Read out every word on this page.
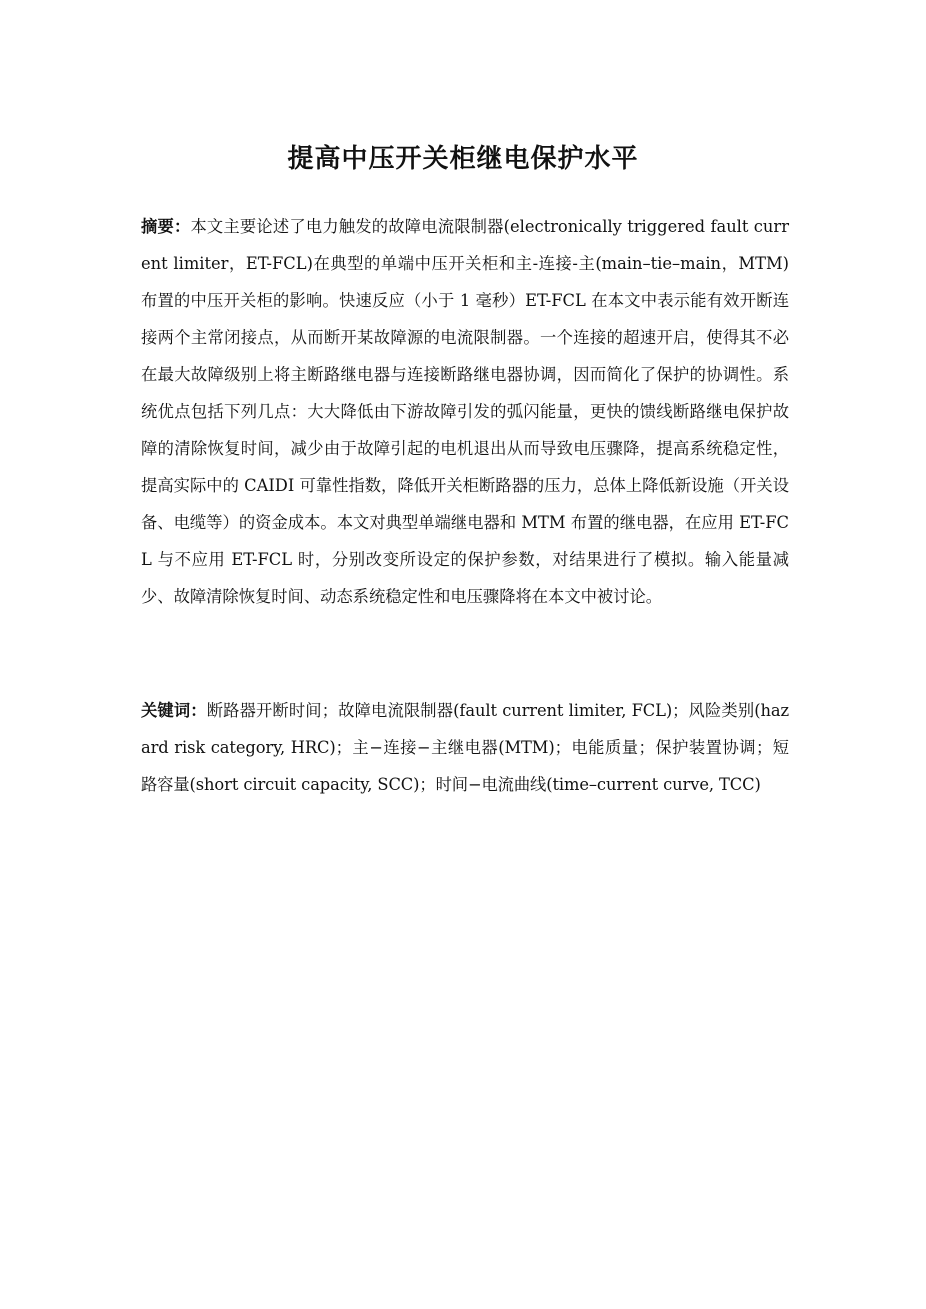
提高中压开关柜继电保护水平

摘要：本文主要论述了电力触发的故障电流限制器(electronically triggered fault current limiter，ET-FCL)在典型的单端中压开关柜和主-连接-主(main–tie–main，MTM)布置的中压开关柜的影响。快速反应（小于 1 毫秒）ET-FCL 在本文中表示能有效开断连接两个主常闭接点，从而断开某故障源的电流限制器。一个连接的超速开启，使得其不必在最大故障级别上将主断路继电器与连接断路继电器协调，因而简化了保护的协调性。系统优点包括下列几点：大大降低由下游故障引发的弧闪能量，更快的馈线断路继电保护故障的清除恢复时间，减少由于故障引起的电机退出从而导致电压骤降，提高系统稳定性，提高实际中的 CAIDI 可靠性指数，降低开关柜断路器的压力，总体上降低新设施（开关设备、电缆等）的资金成本。本文对典型单端继电器和 MTM 布置的继电器，在应用 ET-FCL 与不应用 ET-FCL 时，分别改变所设定的保护参数，对结果进行了模拟。输入能量减少、故障清除恢复时间、动态系统稳定性和电压骤降将在本文中被讨论。

关键词：断路器开断时间；故障电流限制器(fault current limiter, FCL)；风险类别(hazard risk category, HRC)；主−连接−主继电器(MTM)；电能质量；保护装置协调；短路容量(short circuit capacity, SCC)；时间−电流曲线(time–current curve, TCC)
